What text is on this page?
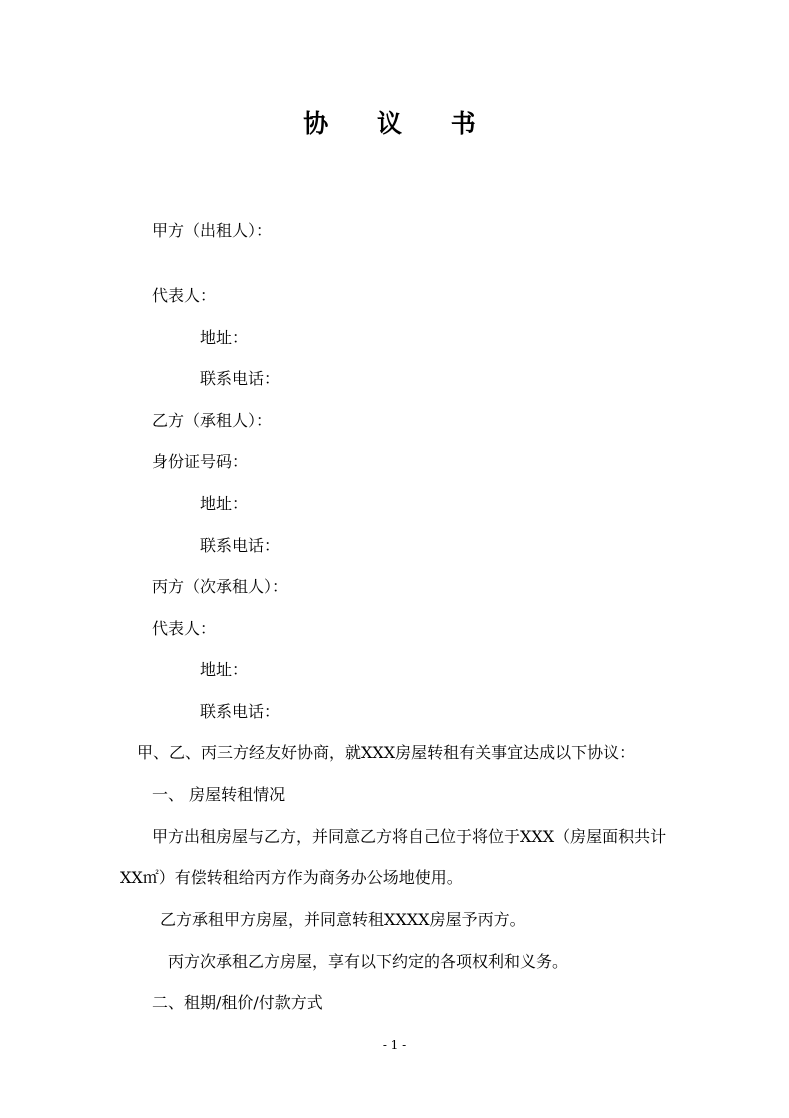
协 议 书
甲方（出租人）：
代表人：
地址：
联系电话：
乙方（承租人）：
身份证号码：
地址：
联系电话：
丙方（次承租人）：
代表人：
地址：
联系电话：
甲、乙、丙三方经友好协商，就XXX房屋转租有关事宜达成以下协议：
一、 房屋转租情况
甲方出租房屋与乙方，并同意乙方将自己位于将位于XXX（房屋面积共计
XX㎡）有偿转租给丙方作为商务办公场地使用。
乙方承租甲方房屋，并同意转租XXXX房屋予丙方。
丙方次承租乙方房屋，享有以下约定的各项权利和义务。
二、租期/租价/付款方式
- 1 -
